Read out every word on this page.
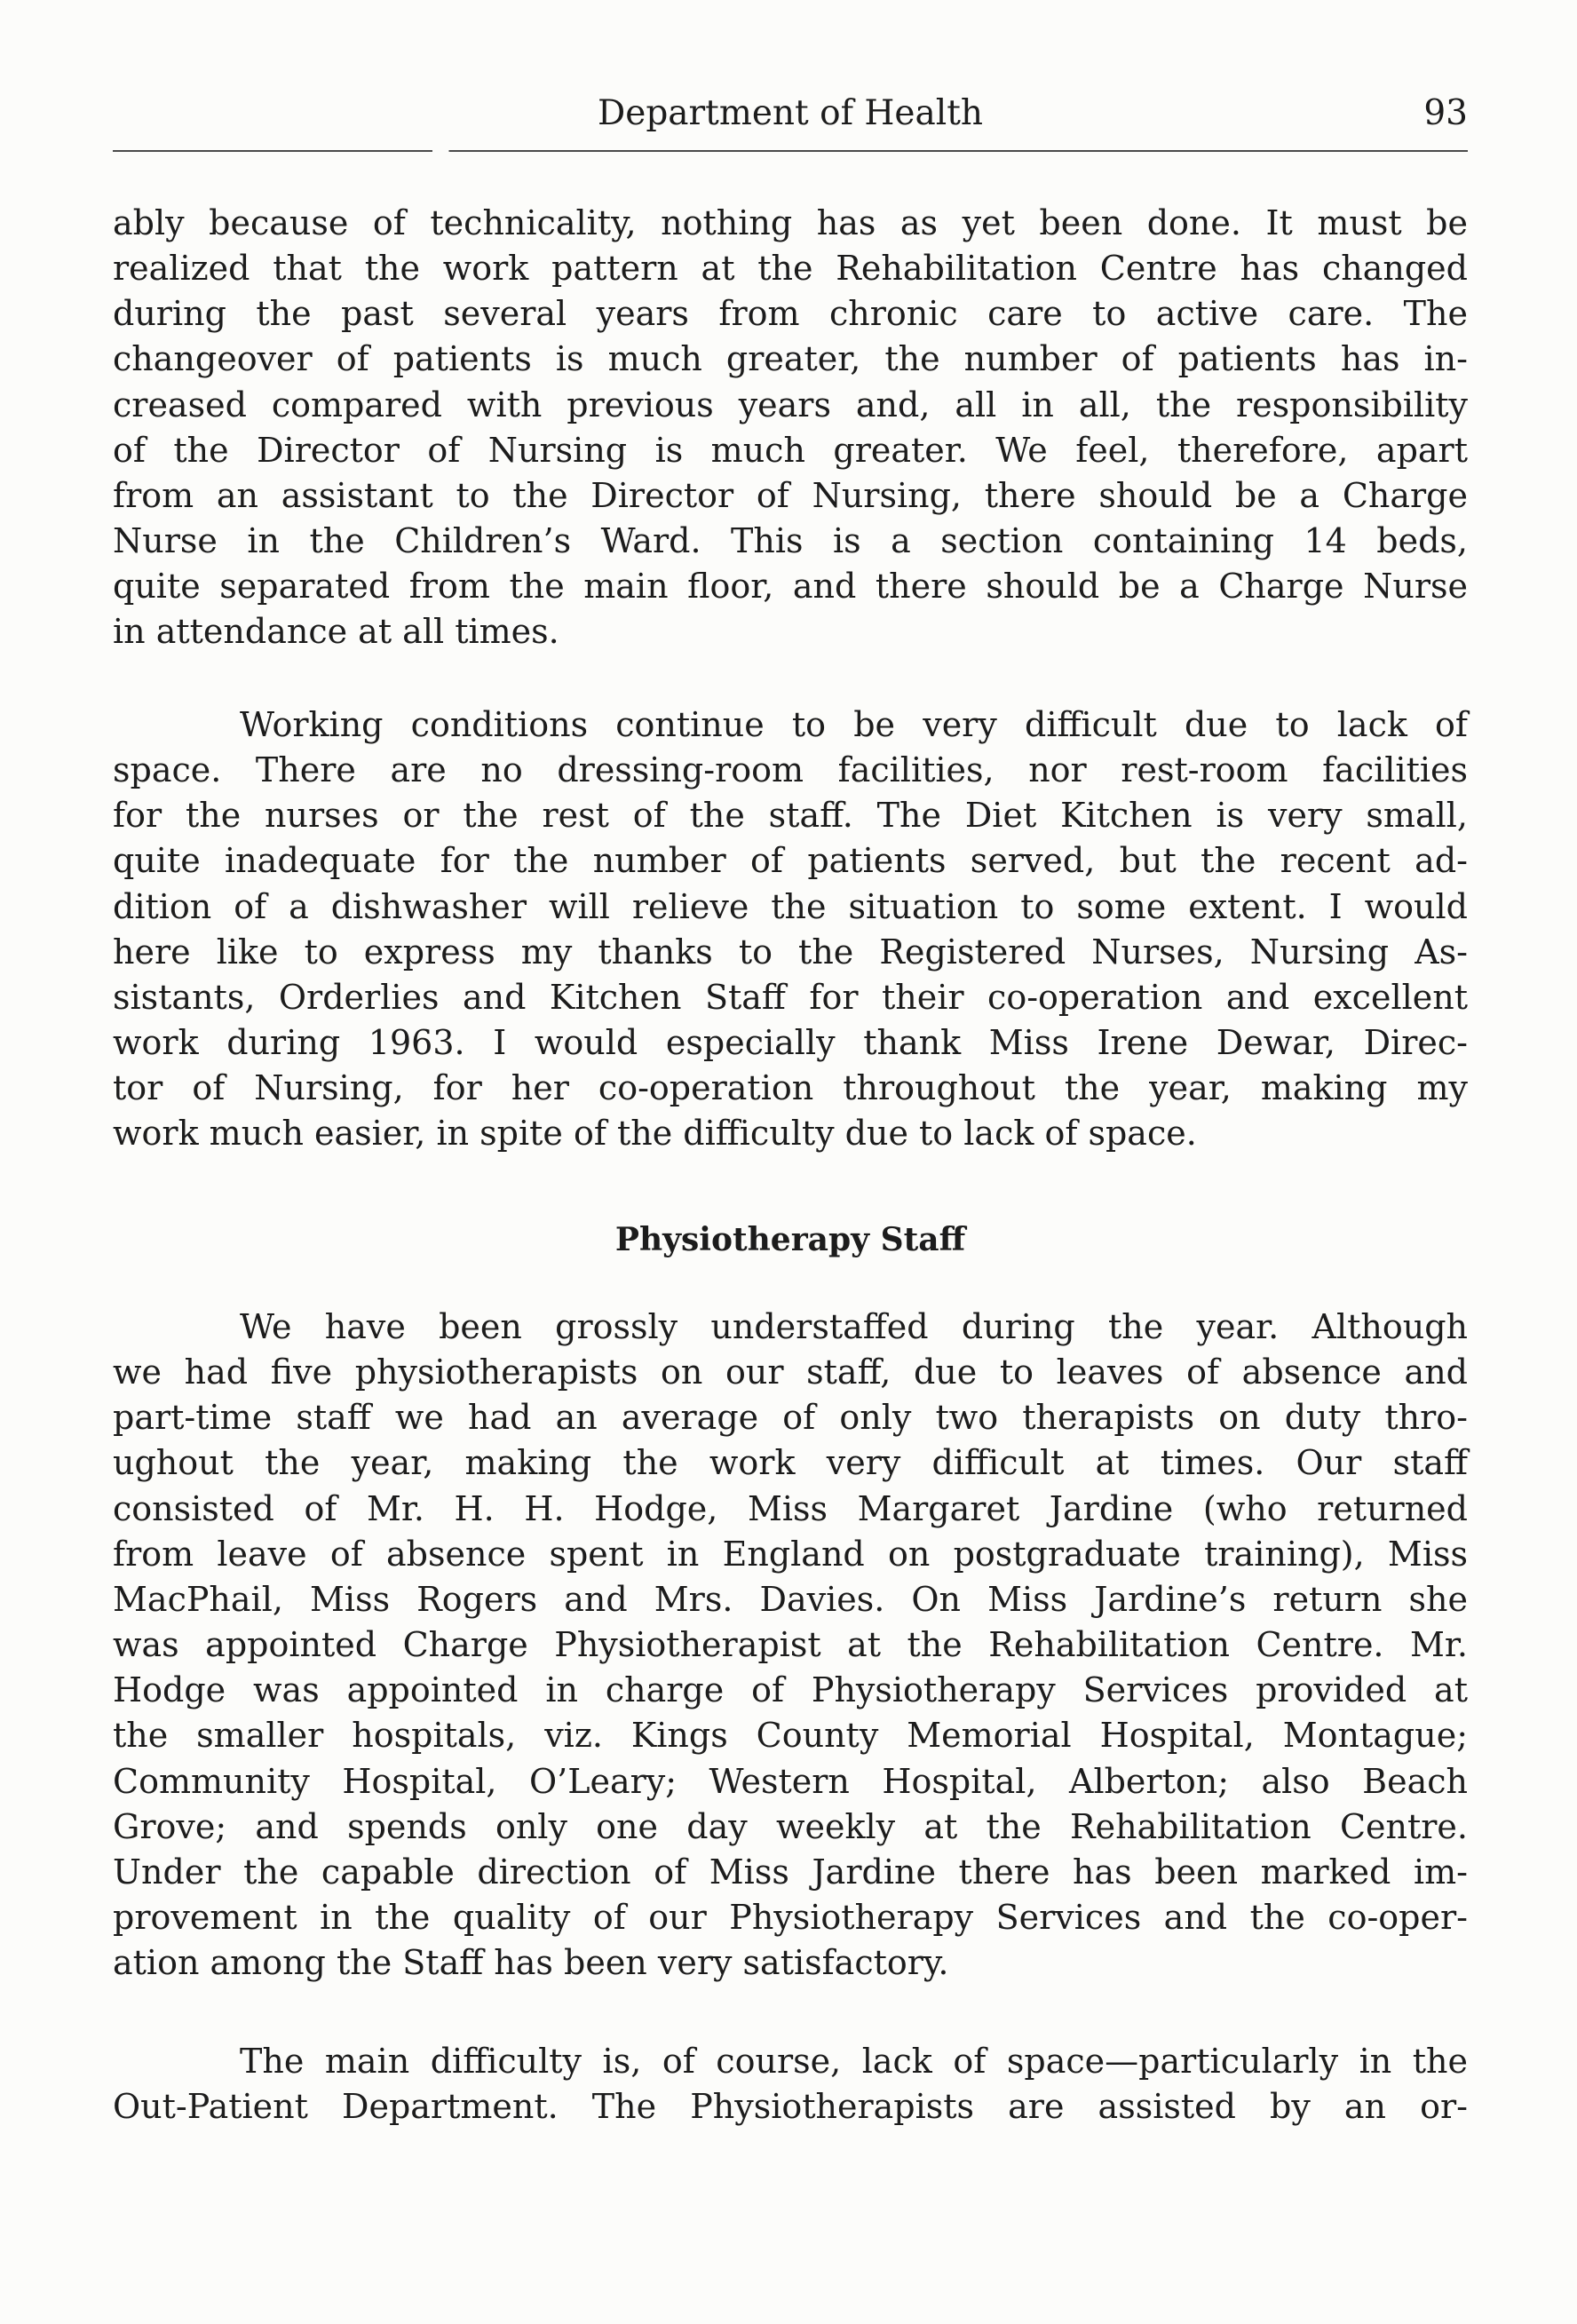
Department of Health	93
ably because of technicality, nothing has as yet been done. It must be
realized that the work pattern at the Rehabilitation Centre has changed
during the past several years from chronic care to active care. The
changeover of patients is much greater, the number of patients has in-
creased compared with previous years and, all in all, the responsibility
of the Director of Nursing is much greater. We feel, therefore, apart
from an assistant to the Director of Nursing, there should be a Charge
Nurse in the Children’s Ward. This is a section containing 14 beds,
quite separated from the main floor, and there should be a Charge Nurse
in attendance at all times.
Working conditions continue to be very difficult due to lack of
space. There are no dressing-room facilities, nor rest-room facilities
for the nurses or the rest of the staff. The Diet Kitchen is very small,
quite inadequate for the number of patients served, but the recent ad-
dition of a dishwasher will relieve the situation to some extent. I would
here like to express my thanks to the Registered Nurses, Nursing As-
sistants, Orderlies and Kitchen Staff for their co-operation and excellent
work during 1963. I would especially thank Miss Irene Dewar, Direc-
tor of Nursing, for her co-operation throughout the year, making my
work much easier, in spite of the difficulty due to lack of space.
Physiotherapy Staff
We have been grossly understaffed during the year. Although
we had five physiotherapists on our staff, due to leaves of absence and
part-time staff we had an average of only two therapists on duty thro-
ughout the year, making the work very difficult at times. Our staff
consisted of Mr. H. H. Hodge, Miss Margaret Jardine (who returned
from leave of absence spent in England on postgraduate training), Miss
MacPhail, Miss Rogers and Mrs. Davies. On Miss Jardine’s return she
was appointed Charge Physiotherapist at the Rehabilitation Centre. Mr.
Hodge was appointed in charge of Physiotherapy Services provided at
the smaller hospitals, viz. Kings County Memorial Hospital, Montague;
Community Hospital, O’Leary; Western Hospital, Alberton; also Beach
Grove; and spends only one day weekly at the Rehabilitation Centre.
Under the capable direction of Miss Jardine there has been marked im-
provement in the quality of our Physiotherapy Services and the co-oper-
ation among the Staff has been very satisfactory.
The main difficulty is, of course, lack of space—particularly in the
Out-Patient Department. The Physiotherapists are assisted by an or-
